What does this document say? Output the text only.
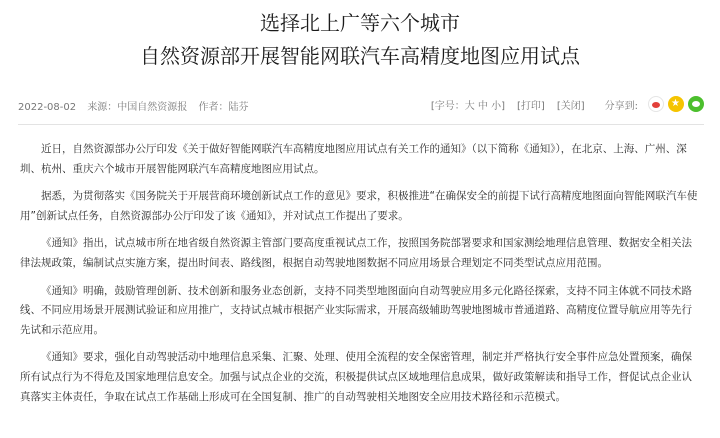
选择北上广等六个城市
自然资源部开展智能网联汽车高精度地图应用试点
2022-08-02 来源：中国自然资源报 作者：陆芬	[字号：大 中 小] [打印] [关闭] 分享到:
★

近日，自然资源部办公厅印发《关于做好智能网联汽车高精度地图应用试点有关工作的通知》（以下简称《通知》），在北京、上海、广州、深圳、杭州、重庆六个城市开展智能网联汽车高精度地图应用试点。

据悉，为贯彻落实《国务院关于开展营商环境创新试点工作的意见》要求，积极推进“在确保安全的前提下试行高精度地图面向智能网联汽车使用”创新试点任务，自然资源部办公厅印发了该《通知》，并对试点工作提出了要求。

《通知》指出，试点城市所在地省级自然资源主管部门要高度重视试点工作，按照国务院部署要求和国家测绘地理信息管理、数据安全相关法律法规政策，编制试点实施方案，提出时间表、路线图，根据自动驾驶地图数据不同应用场景合理划定不同类型试点应用范围。

《通知》明确，鼓励管理创新、技术创新和服务业态创新，支持不同类型地图面向自动驾驶应用多元化路径探索，支持不同主体就不同技术路线、不同应用场景开展测试验证和应用推广，支持试点城市根据产业实际需求，开展高级辅助驾驶地图城市普通道路、高精度位置导航应用等先行先试和示范应用。

《通知》要求，强化自动驾驶活动中地理信息采集、汇聚、处理、使用全流程的安全保密管理，制定并严格执行安全事件应急处置预案，确保所有试点行为不得危及国家地理信息安全。加强与试点企业的交流，积极提供试点区域地理信息成果，做好政策解读和指导工作，督促试点企业认真落实主体责任，争取在试点工作基础上形成可在全国复制、推广的自动驾驶相关地图安全应用技术路径和示范模式。
